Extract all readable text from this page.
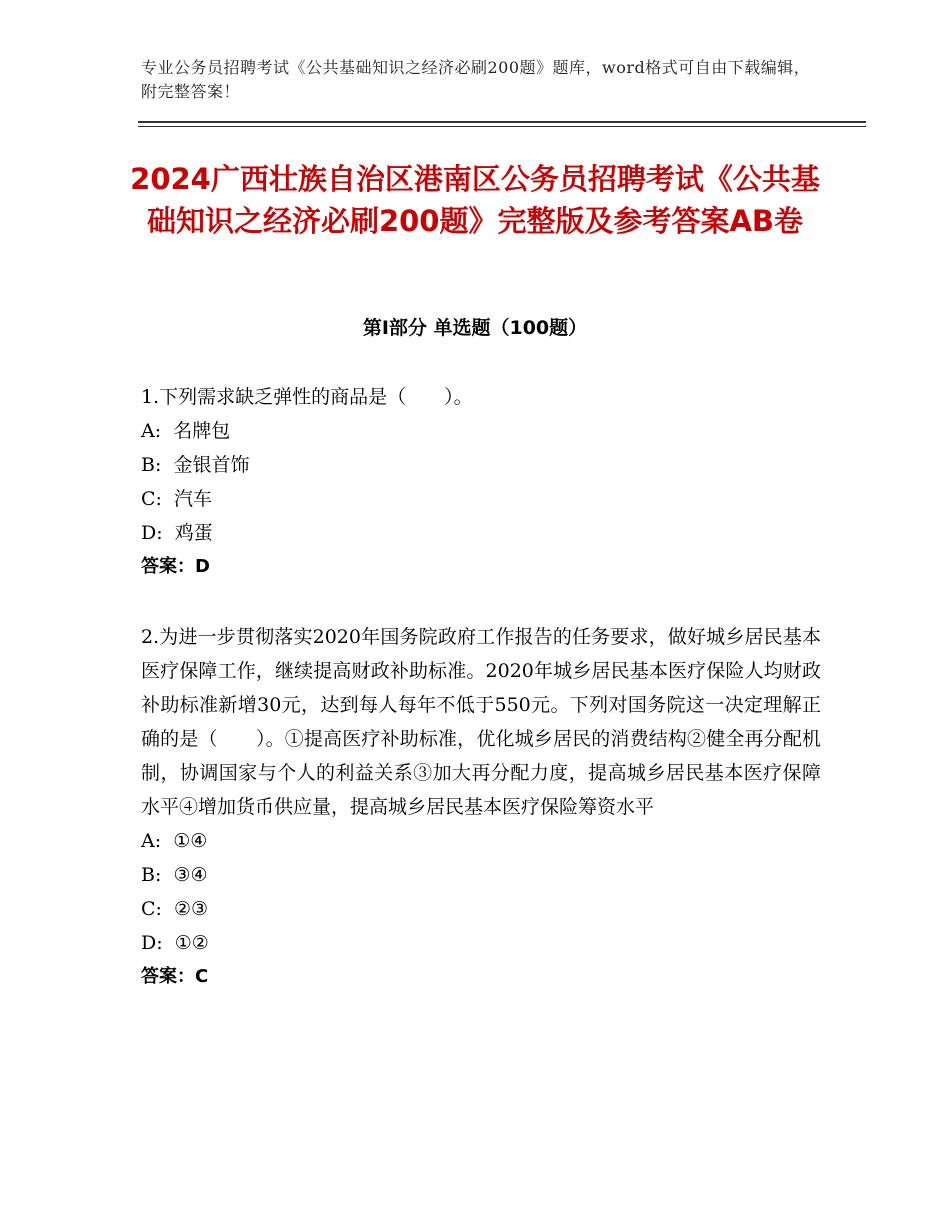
专业公务员招聘考试《公共基础知识之经济必刷200题》题库，word格式可自由下载编辑，附完整答案！
2024广西壮族自治区港南区公务员招聘考试《公共基础知识之经济必刷200题》完整版及参考答案AB卷
第I部分 单选题（100题）

1.下列需求缺乏弹性的商品是（　　）。

A:  名牌包

B:  金银首饰

C:  汽车

D:  鸡蛋

答案：D

2.为进一步贯彻落实2020年国务院政府工作报告的任务要求，做好城乡居民基本医疗保障工作，继续提高财政补助标准。2020年城乡居民基本医疗保险人均财政补助标准新增30元，达到每人每年不低于550元。下列对国务院这一决定理解正确的是（　　）。①提高医疗补助标准，优化城乡居民的消费结构②健全再分配机制，协调国家与个人的利益关系③加大再分配力度，提高城乡居民基本医疗保障水平④增加货币供应量，提高城乡居民基本医疗保险筹资水平

A:  ①④

B:  ③④

C:  ②③

D:  ①②

答案：C
